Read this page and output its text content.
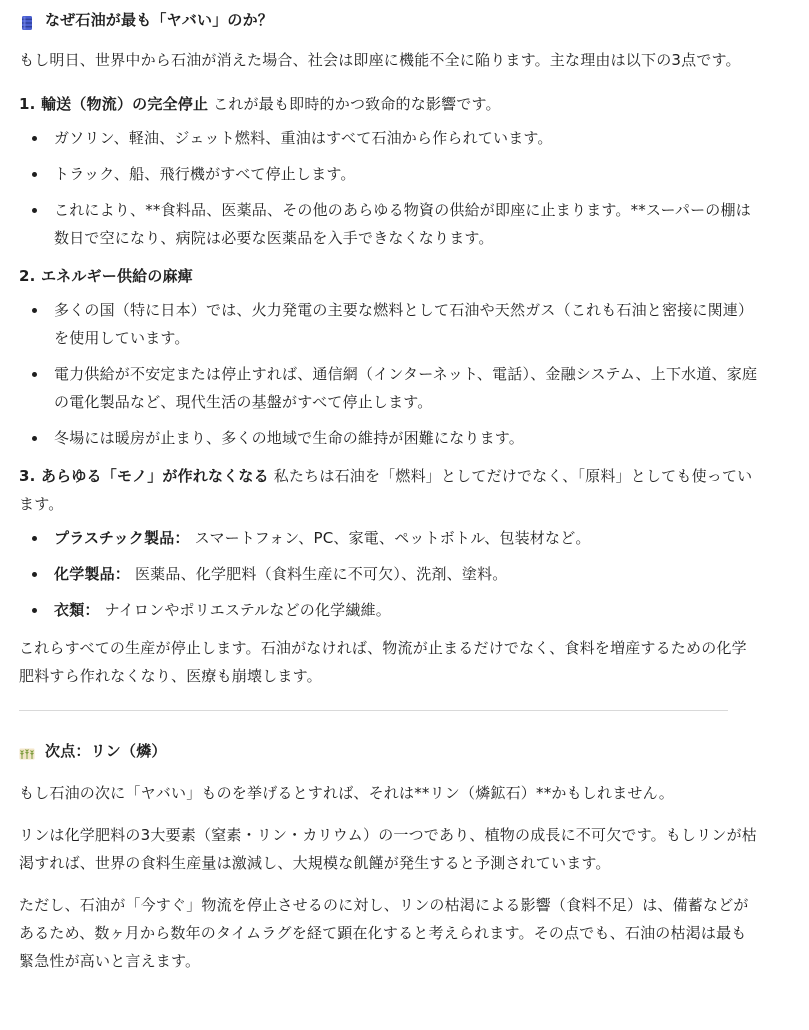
なぜ石油が最も「ヤバい」のか？

もし明日、世界中から石油が消えた場合、社会は即座に機能不全に陥ります。主な理由は以下の3点です。

1. 輸送（物流）の完全停止 これが最も即時的かつ致命的な影響です。

ガソリン、軽油、ジェット燃料、重油はすべて石油から作られています。
トラック、船、飛行機がすべて停止します。
これにより、**食料品、医薬品、その他のあらゆる物資の供給が即座に止まります。**スーパーの棚は数日で空になり、病院は必要な医薬品を入手できなくなります。

2. エネルギー供給の麻痺

多くの国（特に日本）では、火力発電の主要な燃料として石油や天然ガス（これも石油と密接に関連）を使用しています。
電力供給が不安定または停止すれば、通信網（インターネット、電話）、金融システム、上下水道、家庭の電化製品など、現代生活の基盤がすべて停止します。
冬場には暖房が止まり、多くの地域で生命の維持が困難になります。

3. あらゆる「モノ」が作れなくなる 私たちは石油を「燃料」としてだけでなく、「原料」としても使っています。

プラスチック製品： スマートフォン、PC、家電、ペットボトル、包装材など。
化学製品： 医薬品、化学肥料（食料生産に不可欠）、洗剤、塗料。
衣類： ナイロンやポリエステルなどの化学繊維。

これらすべての生産が停止します。石油がなければ、物流が止まるだけでなく、食料を増産するための化学肥料すら作れなくなり、医療も崩壊します。

次点：リン（燐）

もし石油の次に「ヤバい」ものを挙げるとすれば、それは**リン（燐鉱石）**かもしれません。

リンは化学肥料の3大要素（窒素・リン・カリウム）の一つであり、植物の成長に不可欠です。もしリンが枯渇すれば、世界の食料生産量は激減し、大規模な飢饉が発生すると予測されています。

ただし、石油が「今すぐ」物流を停止させるのに対し、リンの枯渇による影響（食料不足）は、備蓄などがあるため、数ヶ月から数年のタイムラグを経て顕在化すると考えられます。その点でも、石油の枯渇は最も緊急性が高いと言えます。
